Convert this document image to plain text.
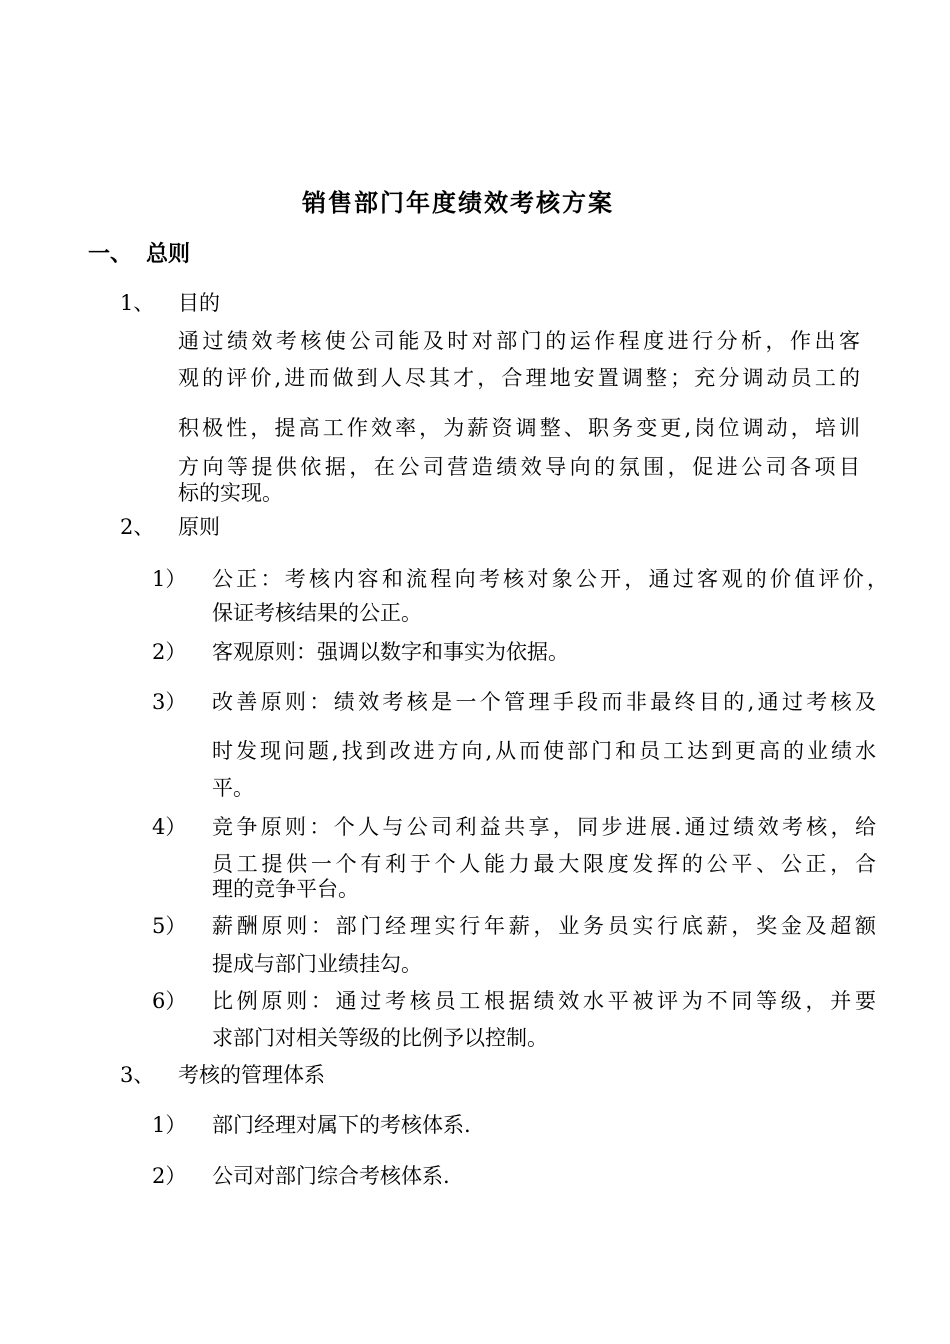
销售部门年度绩效考核方案
一、 总则
1、 目的
通过绩效考核使公司能及时对部门的运作程度进行分析，作出客
观的评价,进而做到人尽其才，合理地安置调整；充分调动员工的
积极性，提高工作效率，为薪资调整、职务变更,岗位调动，培训
方向等提供依据，在公司营造绩效导向的氛围，促进公司各项目
标的实现。
2、 原则
1） 公正：考核内容和流程向考核对象公开，通过客观的价值评价，
保证考核结果的公正。
2） 客观原则：强调以数字和事实为依据。
3） 改善原则：绩效考核是一个管理手段而非最终目的,通过考核及
时发现问题,找到改进方向,从而使部门和员工达到更高的业绩水
平。
4） 竞争原则：个人与公司利益共享，同步进展.通过绩效考核，给
员工提供一个有利于个人能力最大限度发挥的公平、公正，合
理的竞争平台。
5） 薪酬原则：部门经理实行年薪，业务员实行底薪，奖金及超额
提成与部门业绩挂勾。
6） 比例原则：通过考核员工根据绩效水平被评为不同等级，并要
求部门对相关等级的比例予以控制。
3、 考核的管理体系
1） 部门经理对属下的考核体系.
2） 公司对部门综合考核体系.
